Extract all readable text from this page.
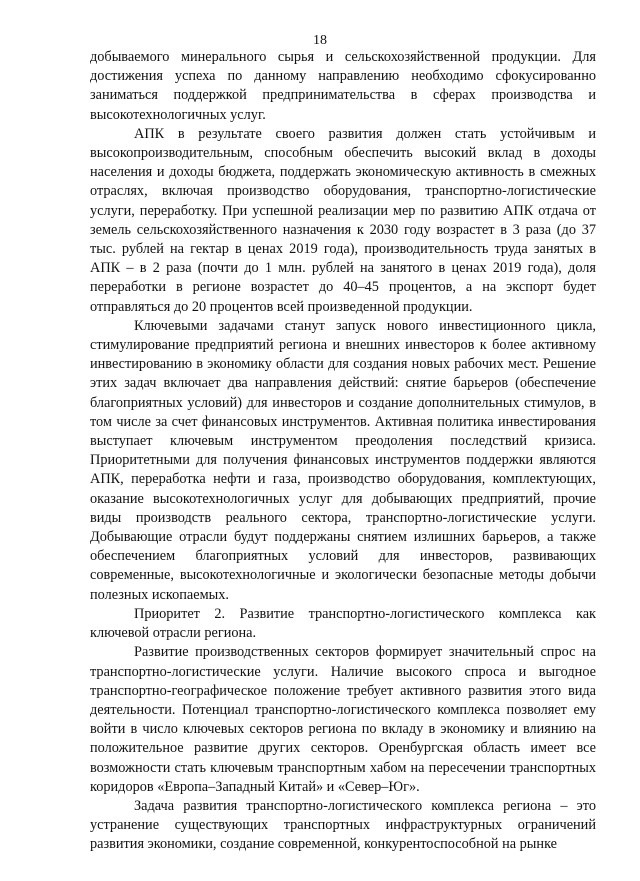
18

добываемого минерального сырья и сельскохозяйственной продукции. Для достижения успеха по данному направлению необходимо сфокусированно заниматься поддержкой предпринимательства в сферах производства и высокотехнологичных услуг.

АПК в результате своего развития должен стать устойчивым и высокопроизводительным, способным обеспечить высокий вклад в доходы населения и доходы бюджета, поддержать экономическую активность в смежных отраслях, включая производство оборудования, транспортно-логистические услуги, переработку. При успешной реализации мер по развитию АПК отдача от земель сельскохозяйственного назначения к 2030 году возрастет в 3 раза (до 37 тыс. рублей на гектар в ценах 2019 года), производительность труда занятых в АПК – в 2 раза (почти до 1 млн. рублей на занятого в ценах 2019 года), доля переработки в регионе возрастет до 40–45 процентов, а на экспорт будет отправляться до 20 процентов всей произведенной продукции.

Ключевыми задачами станут запуск нового инвестиционного цикла, стимулирование предприятий региона и внешних инвесторов к более активному инвестированию в экономику области для создания новых рабочих мест. Решение этих задач включает два направления действий: снятие барьеров (обеспечение благоприятных условий) для инвесторов и создание дополнительных стимулов, в том числе за счет финансовых инструментов. Активная политика инвестирования выступает ключевым инструментом преодоления последствий кризиса. Приоритетными для получения финансовых инструментов поддержки являются АПК, переработка нефти и газа, производство оборудования, комплектующих, оказание высокотехнологичных услуг для добывающих предприятий, прочие виды производств реального сектора, транспортно-логистические услуги. Добывающие отрасли будут поддержаны снятием излишних барьеров, а также обеспечением благоприятных условий для инвесторов, развивающих современные, высокотехнологичные и экологически безопасные методы добычи полезных ископаемых.

Приоритет 2. Развитие транспортно-логистического комплекса как ключевой отрасли региона.

Развитие производственных секторов формирует значительный спрос на транспортно-логистические услуги. Наличие высокого спроса и выгодное транспортно-географическое положение требует активного развития этого вида деятельности. Потенциал транспортно-логистического комплекса позволяет ему войти в число ключевых секторов региона по вкладу в экономику и влиянию на положительное развитие других секторов. Оренбургская область имеет все возможности стать ключевым транспортным хабом на пересечении транспортных коридоров «Европа–Западный Китай» и «Север–Юг».

Задача развития транспортно-логистического комплекса региона – это устранение существующих транспортных инфраструктурных ограничений развития экономики, создание современной, конкурентоспособной на рынке
